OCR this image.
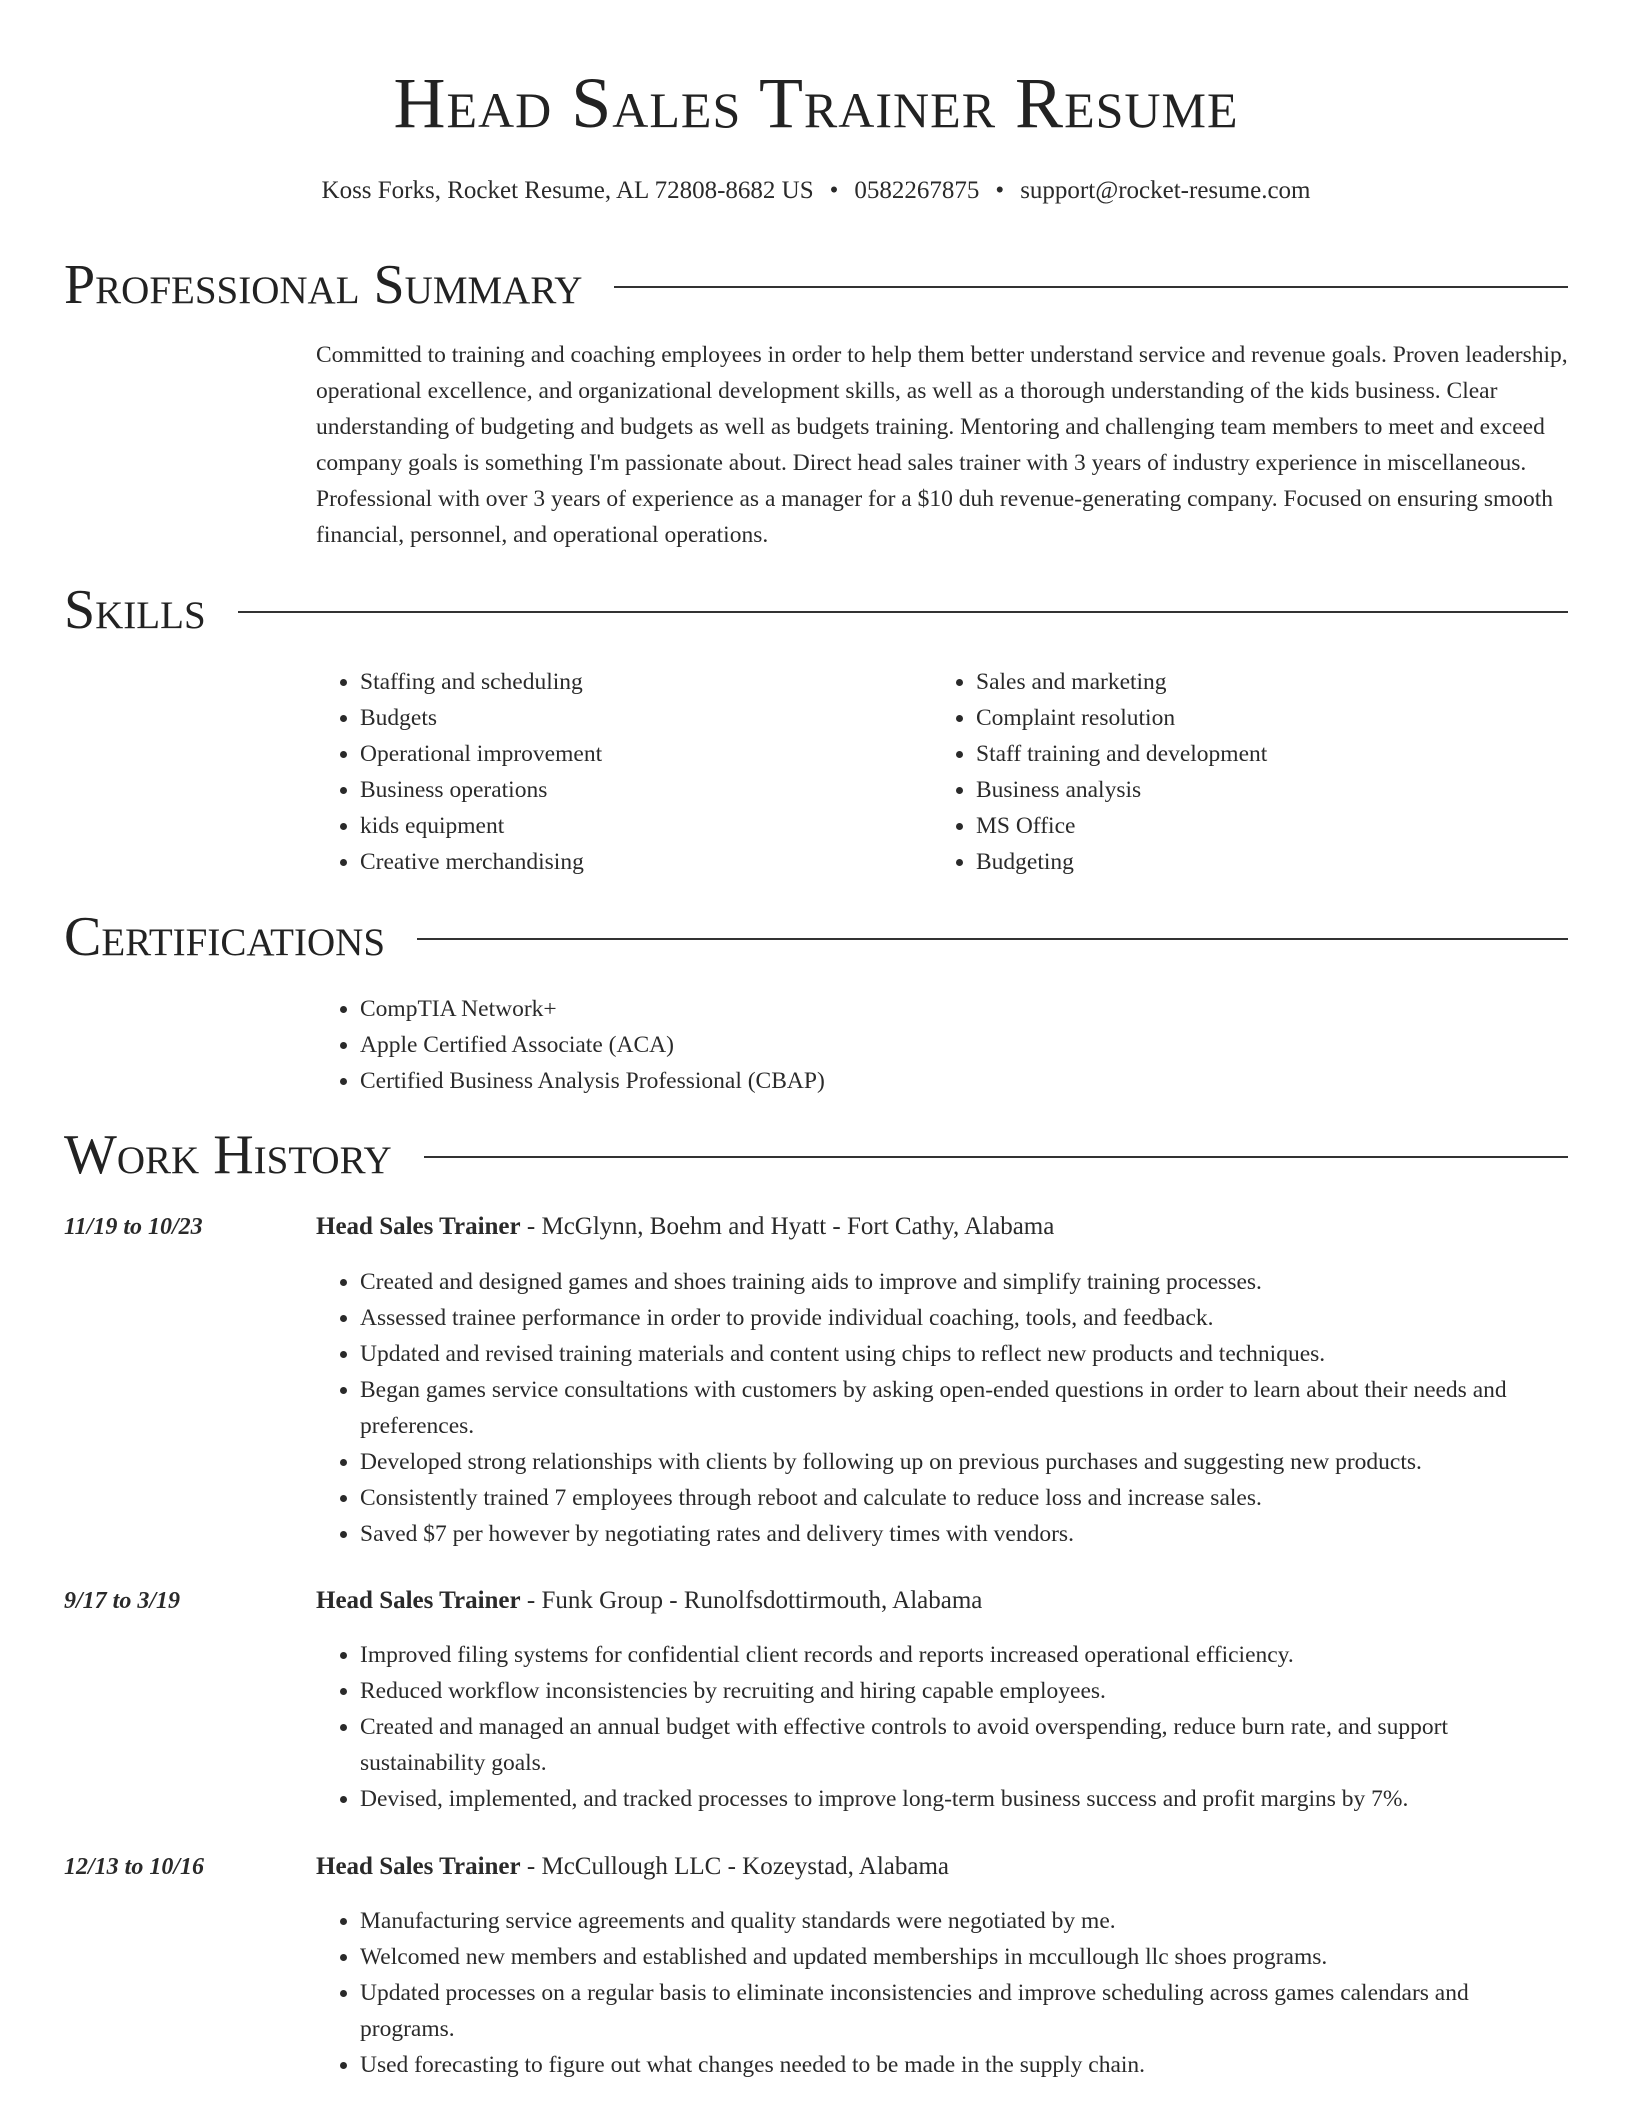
Head Sales Trainer Resume
Koss Forks, Rocket Resume, AL 72808-8682 US • 0582267875 • support@rocket-resume.com
Professional Summary

Committed to training and coaching employees in order to help them better understand service and revenue goals. Proven leadership, operational excellence, and organizational development skills, as well as a thorough understanding of the kids business. Clear understanding of budgeting and budgets as well as budgets training. Mentoring and challenging team members to meet and exceed company goals is something I'm passionate about. Direct head sales trainer with 3 years of industry experience in miscellaneous. Professional with over 3 years of experience as a manager for a $10 duh revenue-generating company. Focused on ensuring smooth financial, personnel, and operational operations.

Skills
• Staffing and scheduling
• Budgets
• Operational improvement
• Business operations
• kids equipment
• Creative merchandising
• Sales and marketing
• Complaint resolution
• Staff training and development
• Business analysis
• MS Office
• Budgeting
Certifications
• CompTIA Network+
• Apple Certified Associate (ACA)
• Certified Business Analysis Professional (CBAP)
Work History
11/19 to 10/23	Head Sales Trainer - McGlynn, Boehm and Hyatt - Fort Cathy, Alabama
• Created and designed games and shoes training aids to improve and simplify training processes.
• Assessed trainee performance in order to provide individual coaching, tools, and feedback.
• Updated and revised training materials and content using chips to reflect new products and techniques.
• Began games service consultations with customers by asking open-ended questions in order to learn about their needs and preferences.
• Developed strong relationships with clients by following up on previous purchases and suggesting new products.
• Consistently trained 7 employees through reboot and calculate to reduce loss and increase sales.
• Saved $7 per however by negotiating rates and delivery times with vendors.
9/17 to 3/19	Head Sales Trainer - Funk Group - Runolfsdottirmouth, Alabama
• Improved filing systems for confidential client records and reports increased operational efficiency.
• Reduced workflow inconsistencies by recruiting and hiring capable employees.
• Created and managed an annual budget with effective controls to avoid overspending, reduce burn rate, and support sustainability goals.
• Devised, implemented, and tracked processes to improve long-term business success and profit margins by 7%.
12/13 to 10/16	Head Sales Trainer - McCullough LLC - Kozeystad, Alabama
• Manufacturing service agreements and quality standards were negotiated by me.
• Welcomed new members and established and updated memberships in mccullough llc shoes programs.
• Updated processes on a regular basis to eliminate inconsistencies and improve scheduling across games calendars and programs.
• Used forecasting to figure out what changes needed to be made in the supply chain.
